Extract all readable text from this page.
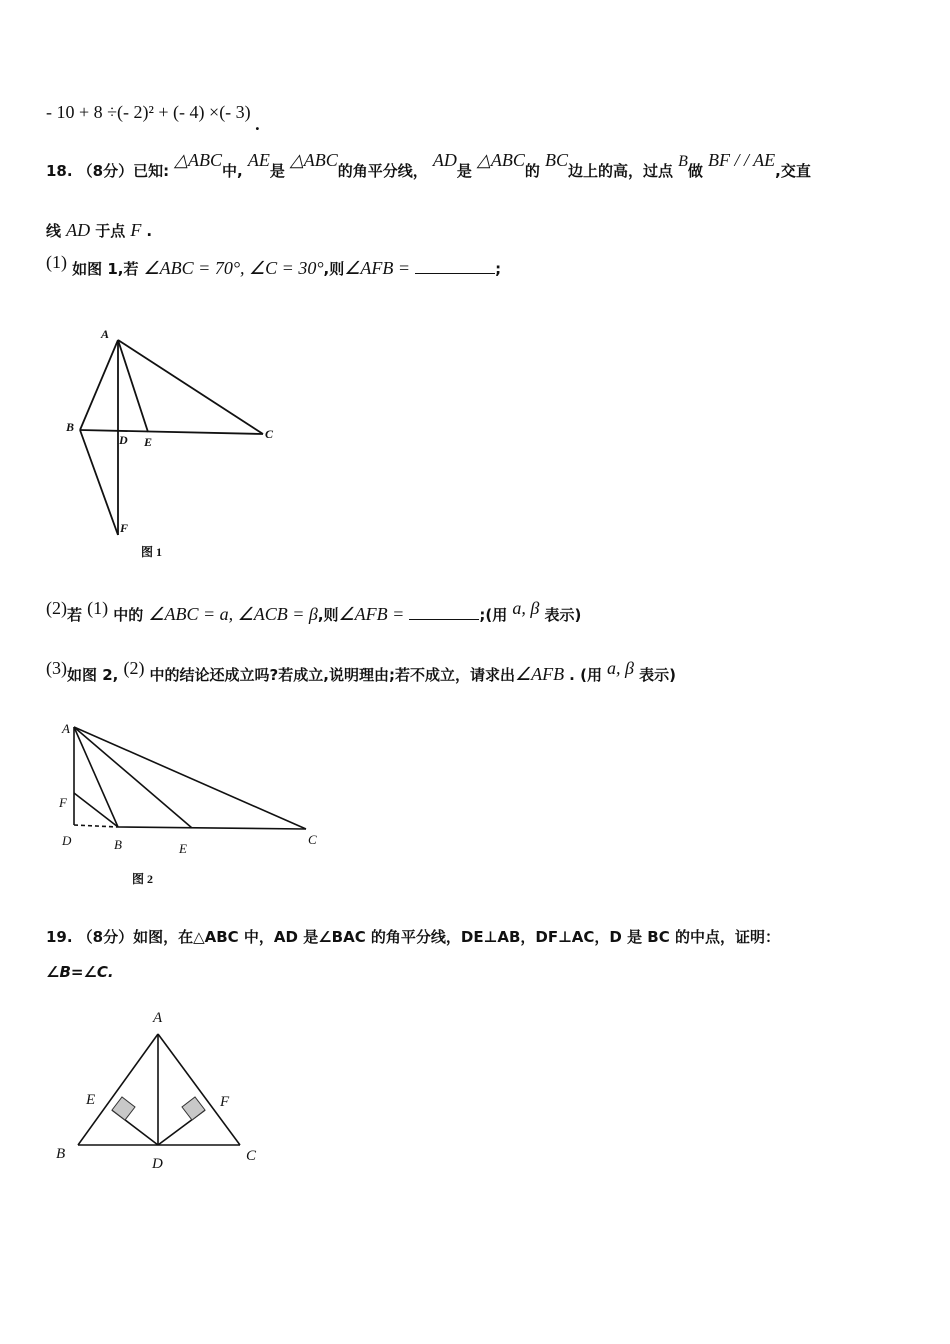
- 10 + 8 ÷(- 2)² + (- 4) ×(- 3) .
18. （8分）已知: △ABC中, AE是 △ABC的角平分线， AD是 △ABC的 BC边上的高，过点 B做 BF / / AE,交直
线 AD 于点 F .
(1) 如图 1,若 ∠ABC = 70°, ∠C = 30°,则∠AFB =	;
A
B
D E
C
F
图 1
(2)若 (1) 中的 ∠ABC = a, ∠ACB = β,则∠AFB =	;(用 a, β 表示)
(3)如图 2, (2) 中的结论还成立吗?若成立,说明理由;若不成立，请求出∠AFB . (用 a, β 表示)
A
F
D	B	E
C
图 2
19. （8分）如图，在△ABC 中，AD 是∠BAC 的角平分线，DE⊥AB，DF⊥AC，D 是 BC 的中点，证明：
∠B=∠C.
A
E	F
B
D	C
